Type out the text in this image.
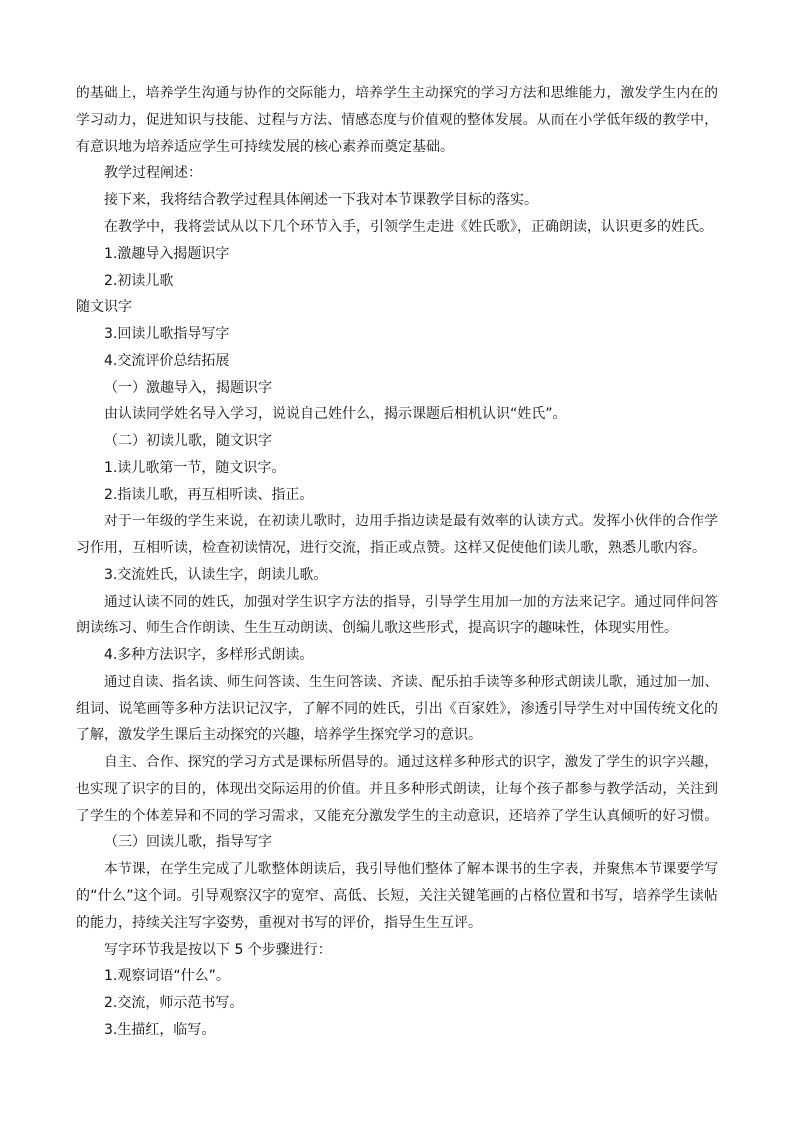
的基础上，培养学生沟通与协作的交际能力，培养学生主动探究的学习方法和思维能力，激发学生内在的
学习动力，促进知识与技能、过程与方法、情感态度与价值观的整体发展。从而在小学低年级的教学中，
有意识地为培养适应学生可持续发展的核心素养而奠定基础。
教学过程阐述：
接下来，我将结合教学过程具体阐述一下我对本节课教学目标的落实。
在教学中，我将尝试从以下几个环节入手，引领学生走进《姓氏歌》，正确朗读，认识更多的姓氏。
1.激趣导入揭题识字
2.初读儿歌
随文识字
3.回读儿歌指导写字
4.交流评价总结拓展
（一）激趣导入，揭题识字
由认读同学姓名导入学习，说说自己姓什么，揭示课题后相机认识“姓氏”。
（二）初读儿歌，随文识字
1.读儿歌第一节，随文识字。
2.指读儿歌，再互相听读、指正。
对于一年级的学生来说，在初读儿歌时，边用手指边读是最有效率的认读方式。发挥小伙伴的合作学
习作用，互相听读，检查初读情况，进行交流，指正或点赞。这样又促使他们读儿歌，熟悉儿歌内容。
3.交流姓氏，认读生字，朗读儿歌。
通过认读不同的姓氏，加强对学生识字方法的指导，引导学生用加一加的方法来记字。通过同伴问答
朗读练习、师生合作朗读、生生互动朗读、创编儿歌这些形式，提高识字的趣味性，体现实用性。
4.多种方法识字，多样形式朗读。
通过自读、指名读、师生问答读、生生问答读、齐读、配乐拍手读等多种形式朗读儿歌，通过加一加、
组词、说笔画等多种方法识记汉字，了解不同的姓氏，引出《百家姓》，渗透引导学生对中国传统文化的
了解，激发学生课后主动探究的兴趣，培养学生探究学习的意识。
自主、合作、探究的学习方式是课标所倡导的。通过这样多种形式的识字，激发了学生的识字兴趣，
也实现了识字的目的，体现出交际运用的价值。并且多种形式朗读，让每个孩子都参与教学活动，关注到
了学生的个体差异和不同的学习需求，又能充分激发学生的主动意识，还培养了学生认真倾听的好习惯。
（三）回读儿歌，指导写字
本节课，在学生完成了儿歌整体朗读后，我引导他们整体了解本课书的生字表，并聚焦本节课要学写
的“什么”这个词。引导观察汉字的宽窄、高低、长短，关注关键笔画的占格位置和书写，培养学生读帖
的能力，持续关注写字姿势，重视对书写的评价，指导生生互评。
写字环节我是按以下 5 个步骤进行：
1.观察词语“什么”。
2.交流，师示范书写。
3.生描红，临写。
